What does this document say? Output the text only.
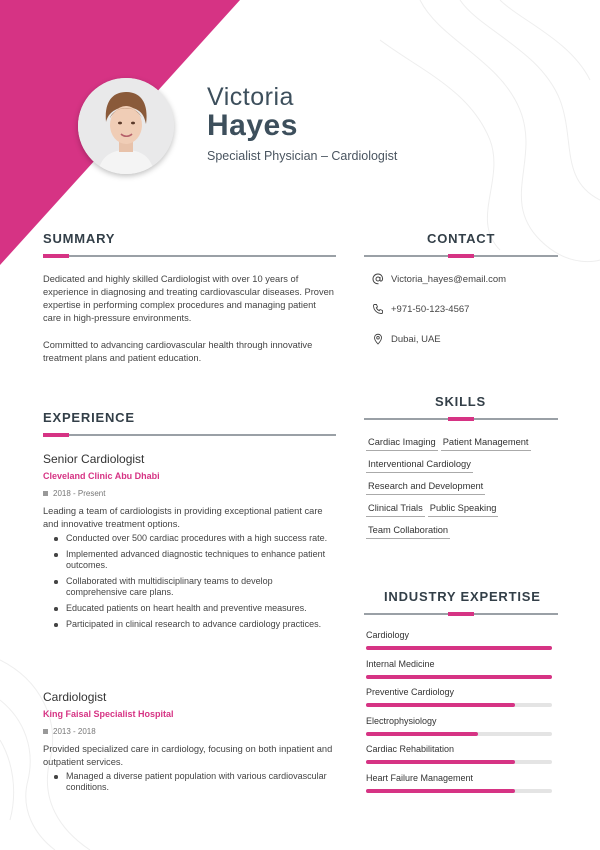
Victoria
Hayes
Specialist Physician – Cardiologist
SUMMARY

Dedicated and highly skilled Cardiologist with over 10 years of experience in diagnosing and treating cardiovascular diseases. Proven expertise in performing complex procedures and managing patient care in high-pressure environments.

Committed to advancing cardiovascular health through innovative treatment plans and patient education.

CONTACT
Victoria_hayes@email.com
+971-50-123-4567
Dubai, UAE
SKILLS
Cardiac Imaging Patient Management
Interventional Cardiology
Research and Development
Clinical Trials Public Speaking
Team Collaboration
EXPERIENCE
Senior Cardiologist
Cleveland Clinic Abu Dhabi
2018 - Present

Leading a team of cardiologists in providing exceptional patient care and innovative treatment options.

Conducted over 500 cardiac procedures with a high success rate.
Implemented advanced diagnostic techniques to enhance patient outcomes.
Collaborated with multidisciplinary teams to develop comprehensive care plans.
Educated patients on heart health and preventive measures.
Participated in clinical research to advance cardiology practices.
Cardiologist
King Faisal Specialist Hospital
2013 - 2018

Provided specialized care in cardiology, focusing on both inpatient and outpatient services.

Managed a diverse patient population with various cardiovascular conditions.
INDUSTRY EXPERTISE
Cardiology
Internal Medicine
Preventive Cardiology
Electrophysiology
Cardiac Rehabilitation
Heart Failure Management
